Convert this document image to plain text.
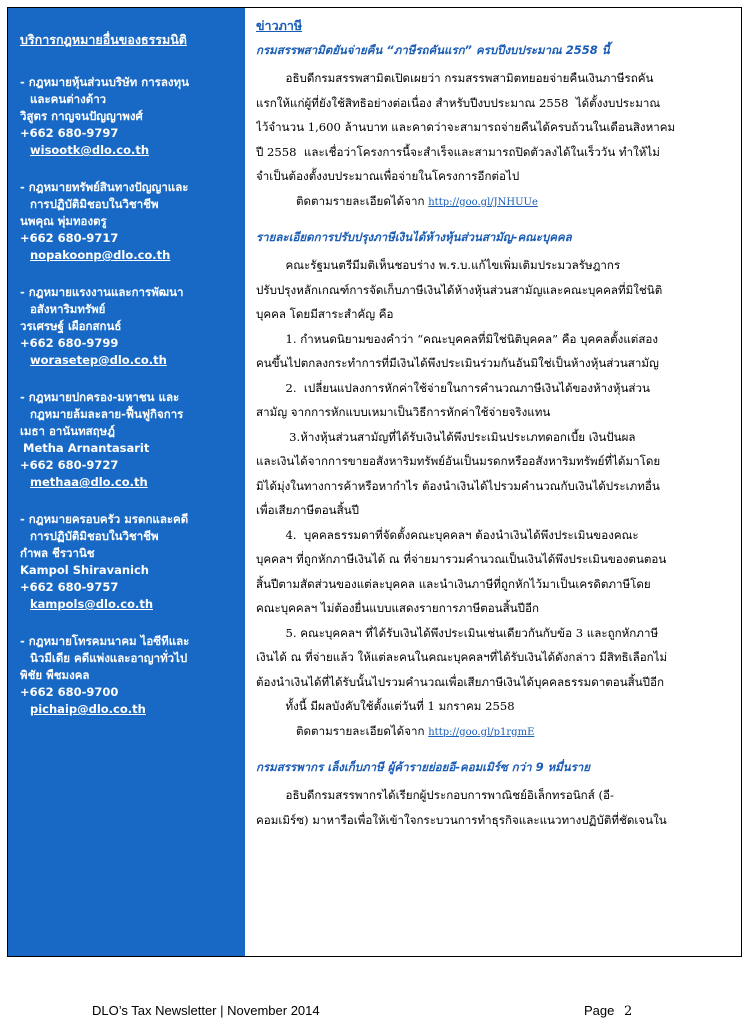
บริการกฎหมายอื่นของธรรมนิติ
- กฎหมายหุ้นส่วนบริษัท การลงทุน
และคนต่างด้าว
วิสูตร กาญจนปัญญาพงศ์
+662 680-9797
wisootk@dlo.co.th
- กฎหมายทรัพย์สินทางปัญญาและ
การปฏิบัติมิชอบในวิชาชีพ
นพคุณ พุ่มทองตรู
+662 680-9717
nopakoonp@dlo.co.th
- กฎหมายแรงงานและการพัฒนา
อสังหาริมทรัพย์
วรเศรษฐ์ เผือกสกนธ์
+662 680-9799
worasetep@dlo.co.th
- กฎหมายปกครอง-มหาชน และ
กฎหมายล้มละลาย-ฟื้นฟูกิจการ
เมธา อานันทสฤษฎ์
Metha Arnantasarit
+662 680-9727
methaa@dlo.co.th
- กฎหมายครอบครัว มรดกและคดี
การปฏิบัติมิชอบในวิชาชีพ
กำพล ชีรวานิช
Kampol Shiravanich
+662 680-9757
kampols@dlo.co.th
- กฎหมายโทรคมนาคม ไอซีทีและ
นิวมีเดีย คดีแพ่งและอาญาทั่วไป
พิชัย พืชมงคล
+662 680-9700
pichaip@dlo.co.th
ข่าวภาษี
กรมสรรพสามิตยันจ่ายคืน “ภาษีรถคันแรก” ครบปีงบประมาณ 2558 นี้
อธิบดีกรมสรรพสามิตเปิดเผยว่า กรมสรรพสามิตทยอยจ่ายคืนเงินภาษีรถคัน
แรกให้แก่ผู้ที่ยังใช้สิทธิอย่างต่อเนื่อง สำหรับปีงบประมาณ 2558  ได้ตั้งงบประมาณ
ไว้จำนวน 1,600 ล้านบาท และคาดว่าจะสามารถจ่ายคืนได้ครบถ้วนในเดือนสิงหาคม
ปี 2558  และเชื่อว่าโครงการนี้จะสำเร็จและสามารถปิดตัวลงได้ในเร็ววัน ทำให้ไม่
จำเป็นต้องตั้งงบประมาณเพื่อจ่ายในโครงการอีกต่อไป
ติดตามรายละเอียดได้จาก http://goo.gl/JNHUUe
รายละเอียดการปรับปรุงภาษีเงินได้ห้างหุ้นส่วนสามัญ-คณะบุคคล
คณะรัฐมนตรีมีมติเห็นชอบร่าง พ.ร.บ.แก้ไขเพิ่มเติมประมวลรัษฎากร
ปรับปรุงหลักเกณฑ์การจัดเก็บภาษีเงินได้ห้างหุ้นส่วนสามัญและคณะบุคคลที่มิใช่นิติ
บุคคล โดยมีสาระสำคัญ คือ
1. กำหนดนิยามของคำว่า “คณะบุคคลที่มิใช่นิติบุคคล” คือ บุคคลตั้งแต่สอง
คนขึ้นไปตกลงกระทำการที่มีเงินได้พึงประเมินร่วมกันอันมิใช่เป็นห้างหุ้นส่วนสามัญ
2.  เปลี่ยนแปลงการหักค่าใช้จ่ายในการคำนวณภาษีเงินได้ของห้างหุ้นส่วน
สามัญ จากการหักแบบเหมาเป็นวิธีการหักค่าใช้จ่ายจริงแทน
3.ห้างหุ้นส่วนสามัญที่ได้รับเงินได้พึงประเมินประเภทดอกเบี้ย เงินปันผล
และเงินได้จากการขายอสังหาริมทรัพย์อันเป็นมรดกหรืออสังหาริมทรัพย์ที่ได้มาโดย
มิได้มุ่งในทางการค้าหรือหากำไร ต้องนำเงินได้ไปรวมคำนวณกับเงินได้ประเภทอื่น
เพื่อเสียภาษีตอนสิ้นปี
4.  บุคคลธรรมดาที่จัดตั้งคณะบุคคลฯ ต้องนำเงินได้พึงประเมินของคณะ
บุคคลฯ ที่ถูกหักภาษีเงินได้ ณ ที่จ่ายมารวมคำนวณเป็นเงินได้พึงประเมินของตนตอน
สิ้นปีตามสัดส่วนของแต่ละบุคคล และนำเงินภาษีที่ถูกหักไว้มาเป็นเครดิตภาษีโดย
คณะบุคคลฯ ไม่ต้องยื่นแบบแสดงรายการภาษีตอนสิ้นปีอีก
5. คณะบุคคลฯ ที่ได้รับเงินได้พึงประเมินเช่นเดียวกันกับข้อ 3 และถูกหักภาษี
เงินได้ ณ ที่จ่ายแล้ว ให้แต่ละคนในคณะบุคคลฯที่ได้รับเงินได้ดังกล่าว มีสิทธิเลือกไม่
ต้องนำเงินได้ที่ได้รับนั้นไปรวมคำนวณเพื่อเสียภาษีเงินได้บุคคลธรรมดาตอนสิ้นปีอีก
ทั้งนี้ มีผลบังคับใช้ตั้งแต่วันที่ 1 มกราคม 2558
ติดตามรายละเอียดได้จาก http://goo.gl/p1rgmE
กรมสรรพากร เล็งเก็บภาษี ผู้ค้ารายย่อยอี-คอมเมิร์ซ กว่า 9 หมื่นราย
อธิบดีกรมสรรพากรได้เรียกผู้ประกอบการพาณิชย์อิเล็กทรอนิกส์ (อี-
คอมเมิร์ซ) มาหารือเพื่อให้เข้าใจกระบวนการทำธุรกิจและแนวทางปฏิบัติที่ชัดเจนใน
DLO’s Tax Newsletter | November 2014	Page 2
